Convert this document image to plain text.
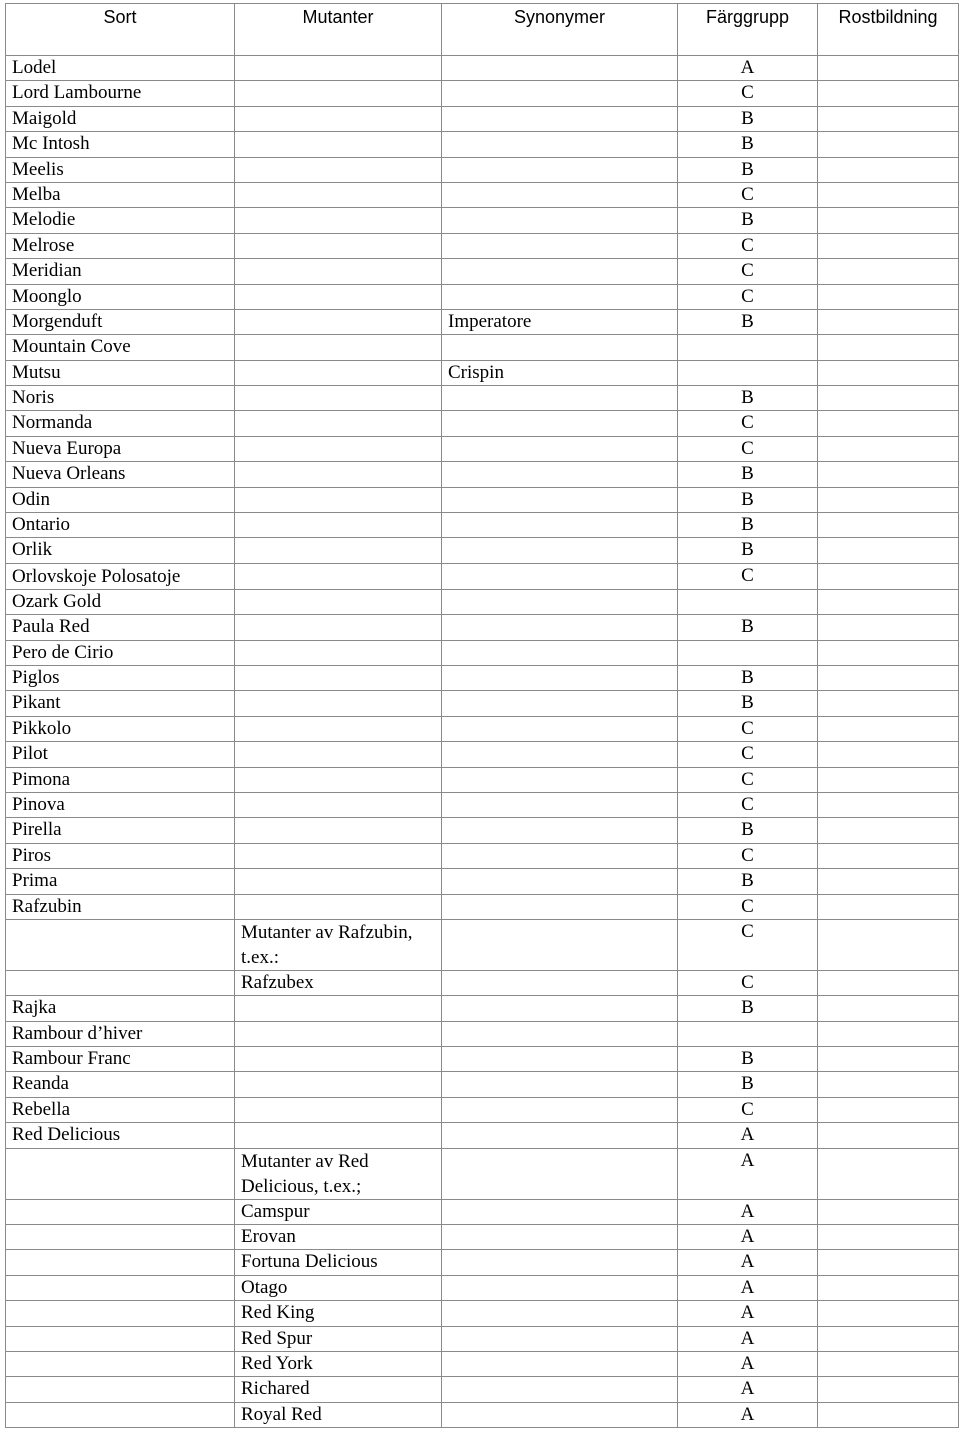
Sort	Mutanter	Synonymer	Färggrupp	Rostbildning
Lodel			A	
Lord Lambourne			C	
Maigold			B	
Mc Intosh			B	
Meelis			B	
Melba			C	
Melodie			B	
Melrose			C	
Meridian			C	
Moonglo			C	
Morgenduft		Imperatore	B	
Mountain Cove				
Mutsu		Crispin		
Noris			B	
Normanda			C	
Nueva Europa			C	
Nueva Orleans			B	
Odin			B	
Ontario			B	
Orlik			B	
Orlovskoje Polosatoje			C	
Ozark Gold				
Paula Red			B	
Pero de Cirio				
Piglos			B	
Pikant			B	
Pikkolo			C	
Pilot			C	
Pimona			C	
Pinova			C	
Pirella			B	
Piros			C	
Prima			B	
Rafzubin			C	
	Mutanter av Rafzubin, t.ex.:		C	
	Rafzubex		C	
Rajka			B	
Rambour d’hiver				
Rambour Franc			B	
Reanda			B	
Rebella			C	
Red Delicious			A	
	Mutanter av Red Delicious, t.ex.;		A	
	Camspur		A	
	Erovan		A	
	Fortuna Delicious		A	
	Otago		A	
	Red King		A	
	Red Spur		A	
	Red York		A	
	Richared		A	
	Royal Red		A	
